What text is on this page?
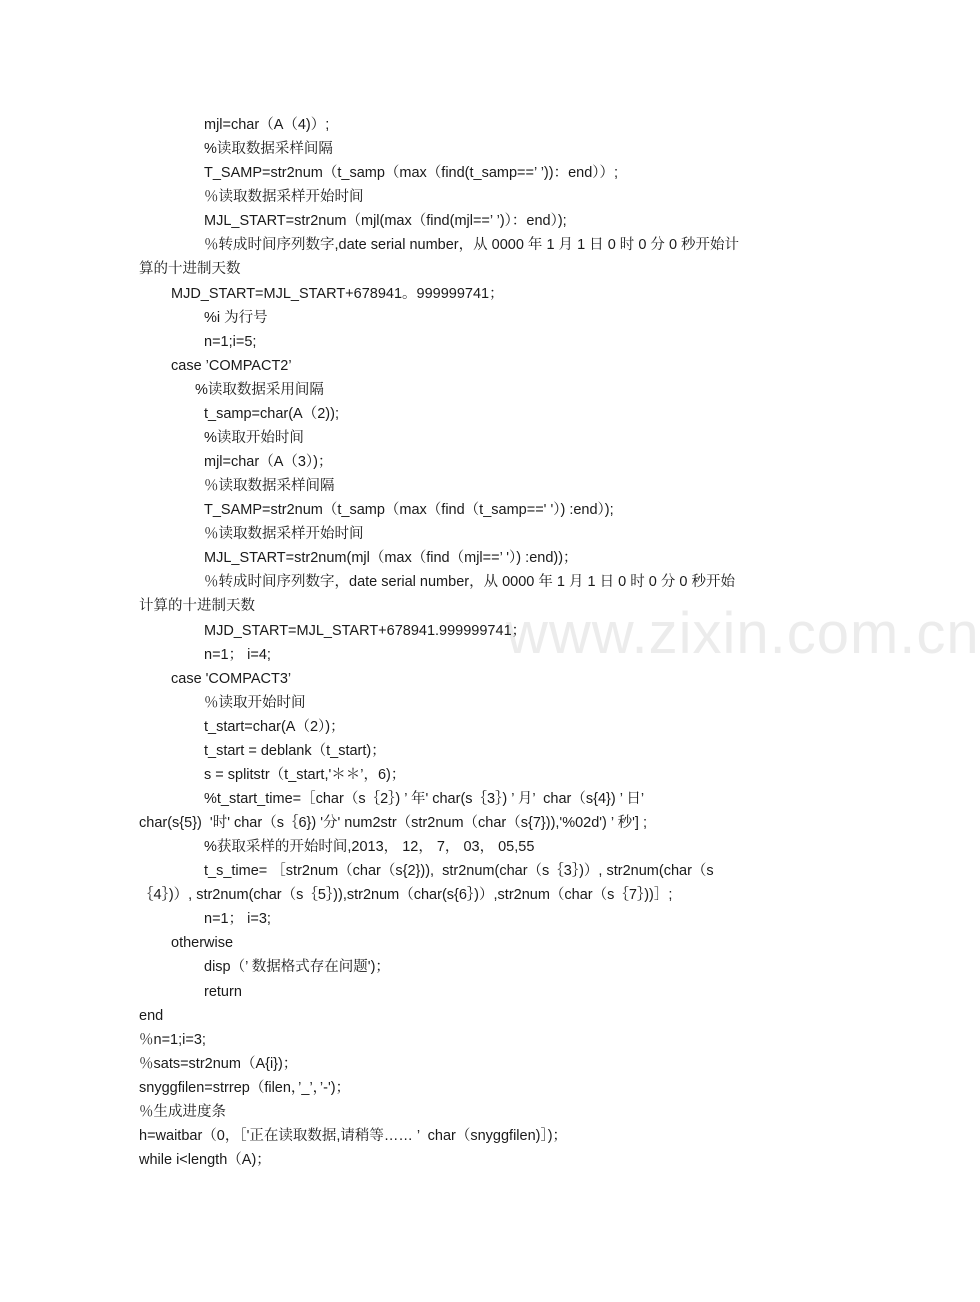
www.zixin.com.cn
mjl=char（A（4)）;
%读取数据采样间隔
T_SAMP=str2num（t_samp（max（find(t_samp==’ ’))：end））;
％读取数据采样开始时间
MJL_START=str2num（mjl(max（find(mjl==’ ’)）：end）);
％转成时间序列数字,date serial number，从 0000 年 1 月 1 日 0 时 0 分 0 秒开始计
算的十进制天数
MJD_START=MJL_START+678941。999999741；
%i 为行号
n=1;i=5;
case ’COMPACT2’
%读取数据采用间隔
t_samp=char(A（2));
%读取开始时间
mjl=char（A（3）)；
％读取数据采样间隔
T_SAMP=str2num（t_samp（max（find（t_samp==' '）) :end）);
％读取数据采样开始时间
MJL_START=str2num(mjl（max（find（mjl==’ '）) :end))；
％转成时间序列数字，date serial number，从 0000 年 1 月 1 日 0 时 0 分 0 秒开始
计算的十进制天数
MJD_START=MJL_START+678941.999999741；
n=1； i=4;
case 'COMPACT3’
％读取开始时间
t_start=char(A（2）)；
t_start = deblank（t_start)；
s = splitstr（t_start,'＊＊’，6)；
%t_start_time=［char（s｛2｝) ’ 年' char(s｛3｝) ’ 月’  char（s{4}) ’ 日’
char(s{5})  '时' char（s｛6}) '分' num2str（str2num（char（s{7})),'%02d') ’ 秒'] ;
%获取采样的开始时间,2013， 12， 7， 03， 05,55
t_s_time= ［str2num（char（s{2})),  str2num(char（s｛3｝)）, str2num(char（s
｛4｝)）, str2num(char（s｛5｝)),str2num（char(s{6｝)）,str2num（char（s｛7｝))］;
n=1； i=3;
otherwise
disp（’ 数据格式存在问题')；
return
end
％n=1;i=3;
％sats=str2num（A{i})；
snyggfilen=strrep（filen，’_’，’-')；
％生成进度条
h=waitbar（0，［'正在读取数据,请稍等…… ’  char（snyggfilen)］)；
while i<length（A)；
